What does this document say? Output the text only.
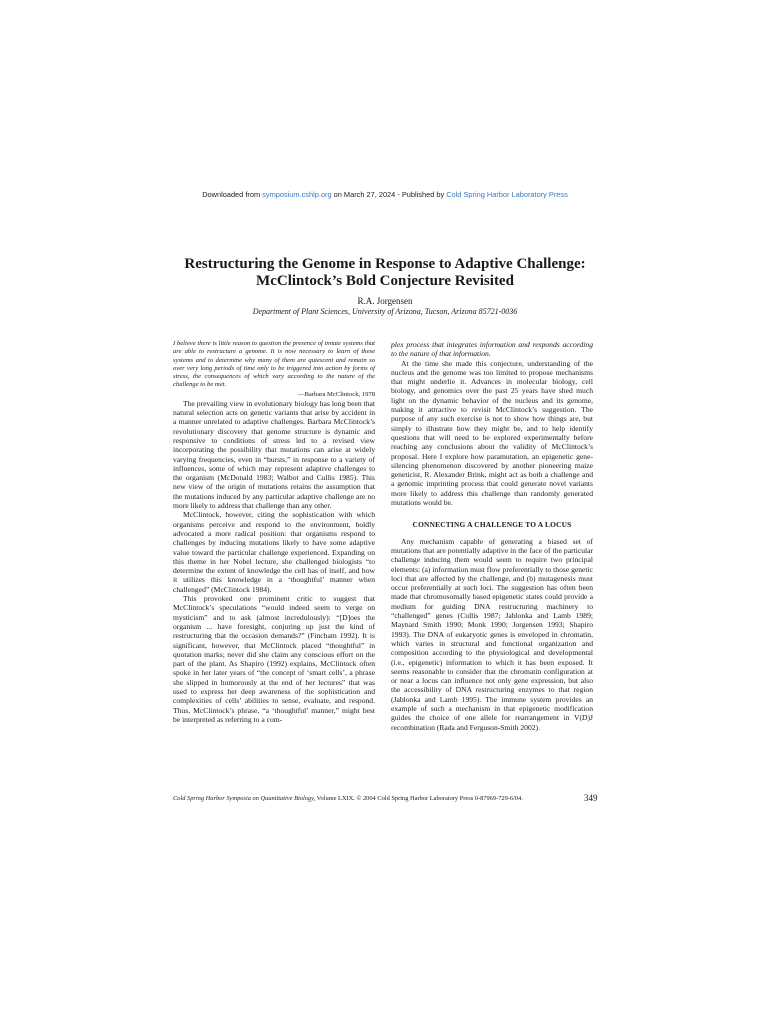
Downloaded from symposium.cshlp.org on March 27, 2024 - Published by Cold Spring Harbor Laboratory Press
Restructuring the Genome in Response to Adaptive Challenge:
McClintock’s Bold Conjecture Revisited
R.A. Jorgensen
Department of Plant Sciences, University of Arizona, Tucson, Arizona 85721-0036

I believe there is little reason to question the presence of innate systems that are able to restructure a genome. It is now necessary to learn of these systems and to determine why many of them are quiescent and remain so over very long periods of time only to be triggered into action by forms of stress, the consequences of which vary according to the nature of the challenge to be met.

—Barbara McClintock, 1978

The prevailing view in evolutionary biology has long been that natural selection acts on genetic variants that arise by accident in a manner unrelated to adaptive challenges. Barbara McClintock’s revolutionary discovery that genome structure is dynamic and responsive to conditions of stress led to a revised view incorporating the possibility that mutations can arise at widely varying frequencies, even in “bursts,” in response to a variety of influences, some of which may represent adaptive challenges to the organism (McDonald 1983; Walbot and Cullis 1985). This new view of the origin of mutations retains the assumption that the mutations induced by any particular adaptive challenge are no more likely to address that challenge than any other.

McClintock, however, citing the sophistication with which organisms perceive and respond to the environment, boldly advocated a more radical position: that organisms respond to challenges by inducing mutations likely to have some adaptive value toward the particular challenge experienced. Expanding on this theme in her Nobel lecture, she challenged biologists “to determine the extent of knowledge the cell has of itself, and how it utilizes this knowledge in a ‘thoughtful’ manner when challenged” (McClintock 1984).

This provoked one prominent critic to suggest that McClintock’s speculations “would indeed seem to verge on mysticism” and to ask (almost incredulously): “[D]oes the organism ... have foresight, conjuring up just the kind of restructuring that the occasion demands?” (Fincham 1992). It is significant, however, that McClintock placed “thoughtful” in quotation marks; never did she claim any conscious effort on the part of the plant. As Shapiro (1992) explains, McClintock often spoke in her later years of “the concept of ‘smart cells’, a phrase she slipped in humorously at the end of her lectures” that was used to express her deep awareness of the sophistication and complexities of cells’ abilities to sense, evaluate, and respond. Thus, McClintock’s phrase, “a ‘thoughtful’ manner,” might best be interpreted as referring to a com-

plex process that integrates information and responds according to the nature of that information.

At the time she made this conjecture, understanding of the nucleus and the genome was too limited to propose mechanisms that might underlie it. Advances in molecular biology, cell biology, and genomics over the past 25 years have shed much light on the dynamic behavior of the nucleus and its genome, making it attractive to revisit McClintock’s suggestion. The purpose of any such exercise is not to show how things are, but simply to illustrate how they might be, and to help identify questions that will need to be explored experimentally before reaching any conclusions about the validity of McClintock’s proposal. Here I explore how paramutation, an epigenetic gene-silencing phenomenon discovered by another pioneering maize geneticist, R. Alexander Brink, might act as both a challenge and a genomic imprinting process that could generate novel variants more likely to address this challenge than randomly generated mutations would be.

CONNECTING A CHALLENGE TO A LOCUS

Any mechanism capable of generating a biased set of mutations that are potentially adaptive in the face of the particular challenge inducing them would seem to require two principal elements: (a) information must flow preferentially to those genetic loci that are affected by the challenge, and (b) mutagenesis must occur preferentially at such loci. The suggestion has often been made that chromosomally based epigenetic states could provide a medium for guiding DNA restructuring machinery to “challenged” genes (Cullis 1987; Jablonka and Lamb 1989; Maynard Smith 1990; Monk 1990; Jorgensen 1993; Shapiro 1993). The DNA of eukaryotic genes is enveloped in chromatin, which varies in structural and functional organization and composition according to the physiological and developmental (i.e., epigenetic) information to which it has been exposed. It seems reasonable to consider that the chromatin configuration at or near a locus can influence not only gene expression, but also the accessibility of DNA restructuring enzymes to that region (Jablonka and Lamb 1995). The immune system provides an example of such a mechanism in that epigenetic modification guides the choice of one allele for rearrangement in V(D)J recombination (Rada and Ferguson-Smith 2002).

Cold Spring Harbor Symposia on Quantitative Biology, Volume LXIX. © 2004 Cold Spring Harbor Laboratory Press 0-87969-729-6/04.	349
